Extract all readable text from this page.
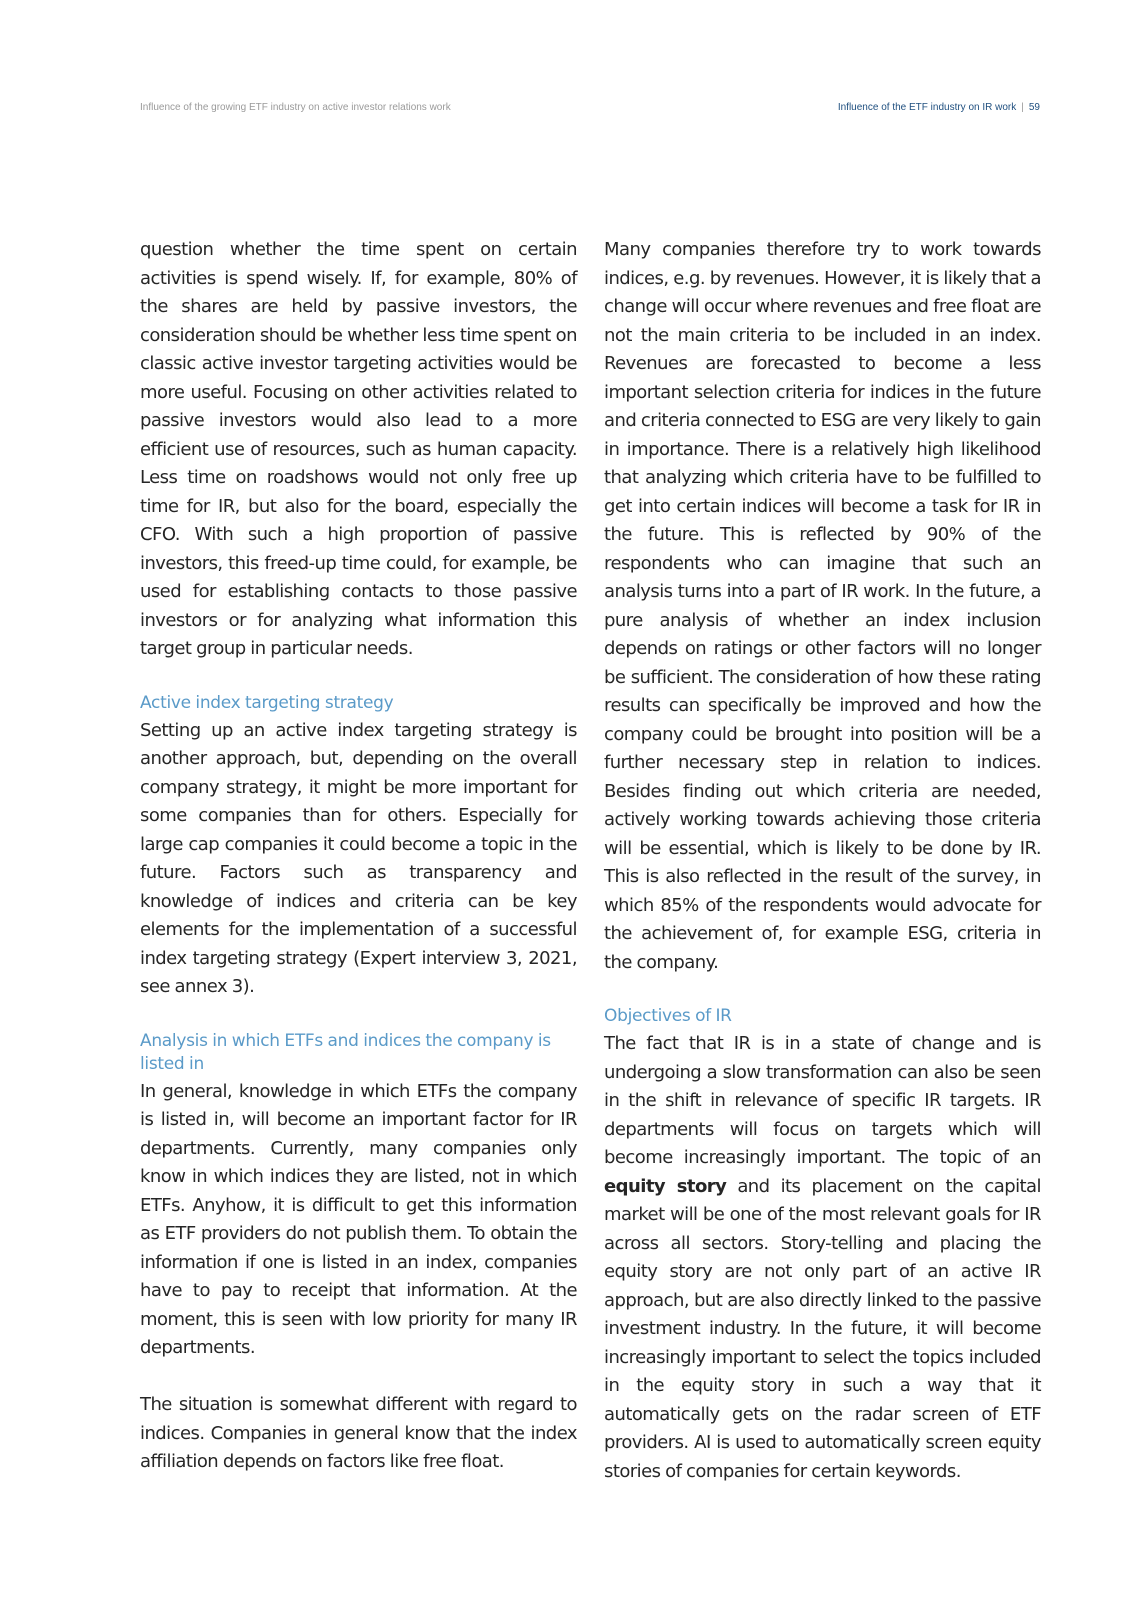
Influence of the growing ETF industry on active investor relations work	Influence of the ETF industry on IR work | 59

question whether the time spent on certain activities is spend wisely. If, for example, 80% of the shares are held by passive investors, the consideration should be whether less time spent on classic active investor targeting activities would be more useful. Focusing on other activities related to passive investors would also lead to a more efficient use of resources, such as human capacity. Less time on roadshows would not only free up time for IR, but also for the board, especially the CFO. With such a high proportion of passive investors, this freed-up time could, for example, be used for establishing contacts to those passive investors or for analyzing what information this target group in particular needs.

Active index targeting strategy

Setting up an active index targeting strategy is another approach, but, depending on the overall company strategy, it might be more important for some companies than for others. Especially for large cap companies it could become a topic in the future. Factors such as transparency and knowledge of indices and criteria can be key elements for the implementation of a successful index targeting strategy (Expert interview 3, 2021, see annex 3).

Analysis in which ETFs and indices the company is listed in

In general, knowledge in which ETFs the company is listed in, will become an important factor for IR departments. Currently, many companies only know in which indices they are listed, not in which ETFs. Anyhow, it is difficult to get this information as ETF providers do not publish them. To obtain the information if one is listed in an index, companies have to pay to receipt that information. At the moment, this is seen with low priority for many IR departments.

The situation is somewhat different with regard to indices. Companies in general know that the index affiliation depends on factors like free float.

Many companies therefore try to work towards indices, e.g. by revenues. However, it is likely that a change will occur where revenues and free float are not the main criteria to be included in an index. Revenues are forecasted to become a less important selection criteria for indices in the future and criteria connected to ESG are very likely to gain in importance. There is a relatively high likelihood that analyzing which criteria have to be fulfilled to get into certain indices will become a task for IR in the future. This is reflected by 90% of the respondents who can imagine that such an analysis turns into a part of IR work. In the future, a pure analysis of whether an index inclusion depends on ratings or other factors will no longer be sufficient. The consideration of how these rating results can specifically be improved and how the company could be brought into position will be a further necessary step in relation to indices. Besides finding out which criteria are needed, actively working towards achieving those criteria will be essential, which is likely to be done by IR. This is also reflected in the result of the survey, in which 85% of the respondents would advocate for the achievement of, for example ESG, criteria in the company.

Objectives of IR

The fact that IR is in a state of change and is undergoing a slow transformation can also be seen in the shift in relevance of specific IR targets. IR departments will focus on targets which will become increasingly important. The topic of an equity story and its placement on the capital market will be one of the most relevant goals for IR across all sectors. Story-telling and placing the equity story are not only part of an active IR approach, but are also directly linked to the passive investment industry. In the future, it will become increasingly important to select the topics included in the equity story in such a way that it automatically gets on the radar screen of ETF providers. AI is used to automatically screen equity stories of companies for certain keywords.
